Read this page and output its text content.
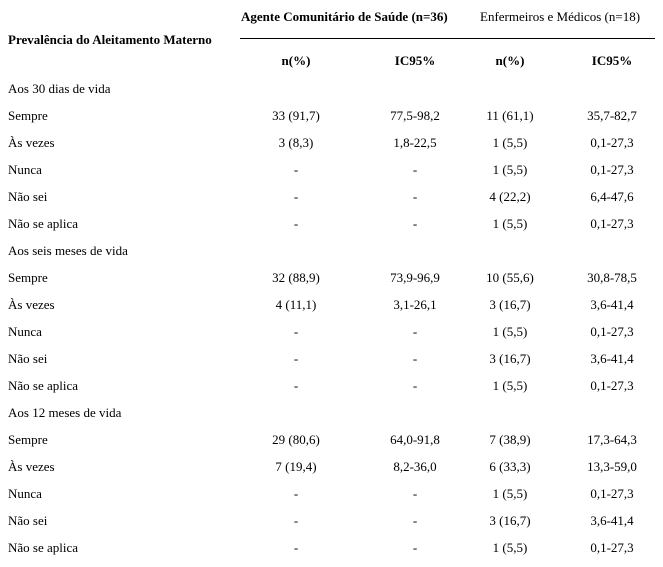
Prevalência do Aleitamento Materno
Agente Comunitário de Saúde (n=36) Enfermeiros e Médicos (n=18)
n(%)	IC95%	n(%)	IC95%
Aos 30 dias de vida
Sempre	33 (91,7)	77,5-98,2	11 (61,1)	35,7-82,7
Às vezes	3 (8,3)	1,8-22,5	1 (5,5)	0,1-27,3
Nunca	-	-	1 (5,5)	0,1-27,3
Não sei	-	-	4 (22,2)	6,4-47,6
Não se aplica	-	-	1 (5,5)	0,1-27,3
Aos seis meses de vida
Sempre	32 (88,9)	73,9-96,9	10 (55,6)	30,8-78,5
Às vezes	4 (11,1)	3,1-26,1	3 (16,7)	3,6-41,4
Nunca	-	-	1 (5,5)	0,1-27,3
Não sei	-	-	3 (16,7)	3,6-41,4
Não se aplica	-	-	1 (5,5)	0,1-27,3
Aos 12 meses de vida
Sempre	29 (80,6)	64,0-91,8	7 (38,9)	17,3-64,3
Às vezes	7 (19,4)	8,2-36,0	6 (33,3)	13,3-59,0
Nunca	-	-	1 (5,5)	0,1-27,3
Não sei	-	-	3 (16,7)	3,6-41,4
Não se aplica	-	-	1 (5,5)	0,1-27,3
